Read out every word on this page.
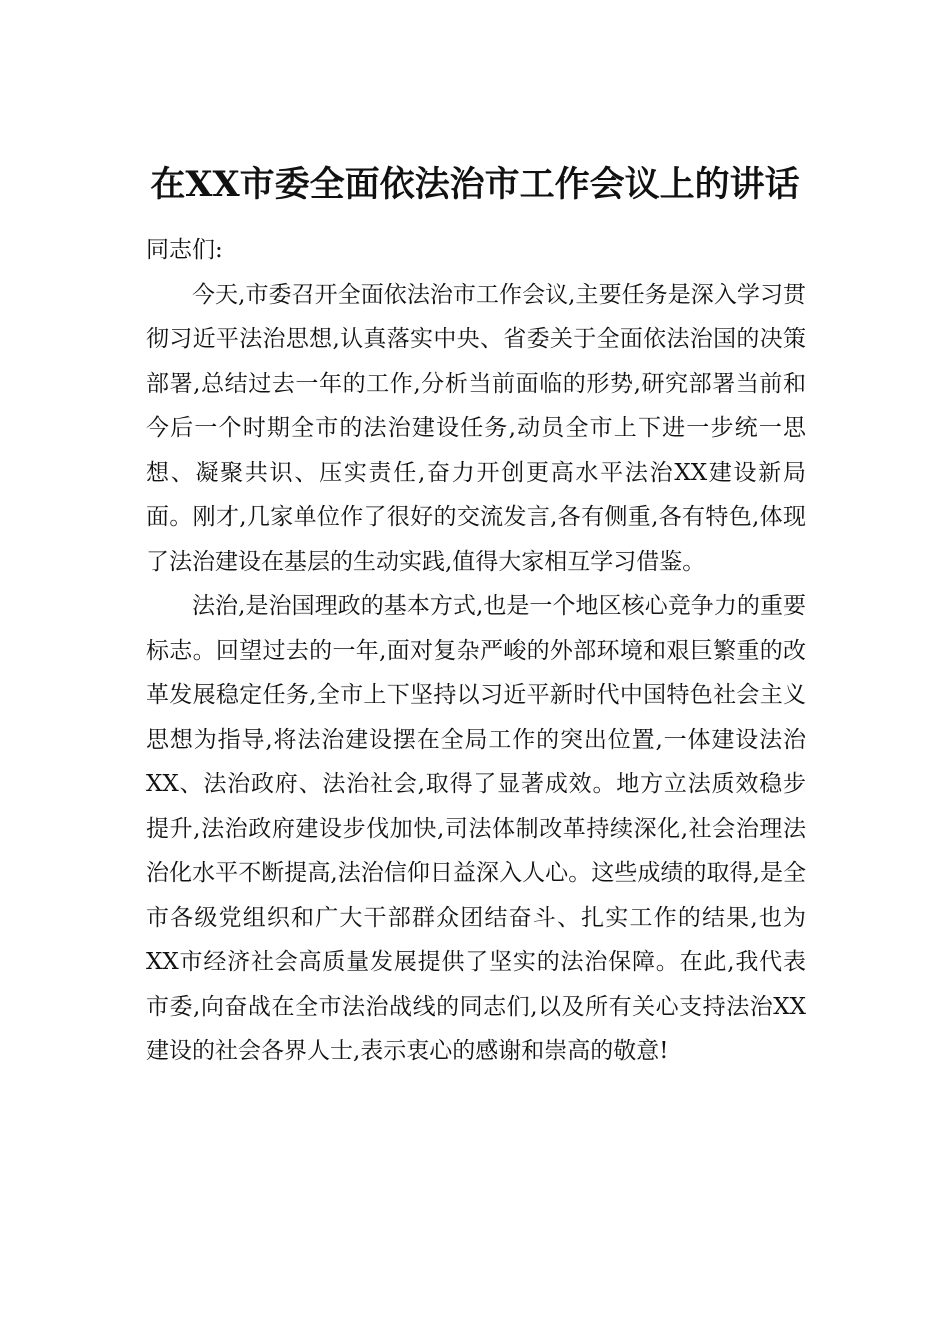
在XX市委全面依法治市工作会议上的讲话

同志们:

今天,市委召开全面依法治市工作会议,主要任务是深入学习贯彻习近平法治思想,认真落实中央、省委关于全面依法治国的决策部署,总结过去一年的工作,分析当前面临的形势,研究部署当前和今后一个时期全市的法治建设任务,动员全市上下进一步统一思想、凝聚共识、压实责任,奋力开创更高水平法治XX建设新局面。刚才,几家单位作了很好的交流发言,各有侧重,各有特色,体现了法治建设在基层的生动实践,值得大家相互学习借鉴。

法治,是治国理政的基本方式,也是一个地区核心竞争力的重要标志。回望过去的一年,面对复杂严峻的外部环境和艰巨繁重的改革发展稳定任务,全市上下坚持以习近平新时代中国特色社会主义思想为指导,将法治建设摆在全局工作的突出位置,一体建设法治XX、法治政府、法治社会,取得了显著成效。地方立法质效稳步提升,法治政府建设步伐加快,司法体制改革持续深化,社会治理法治化水平不断提高,法治信仰日益深入人心。这些成绩的取得,是全市各级党组织和广大干部群众团结奋斗、扎实工作的结果,也为XX市经济社会高质量发展提供了坚实的法治保障。在此,我代表市委,向奋战在全市法治战线的同志们,以及所有关心支持法治XX建设的社会各界人士,表示衷心的感谢和崇高的敬意!
